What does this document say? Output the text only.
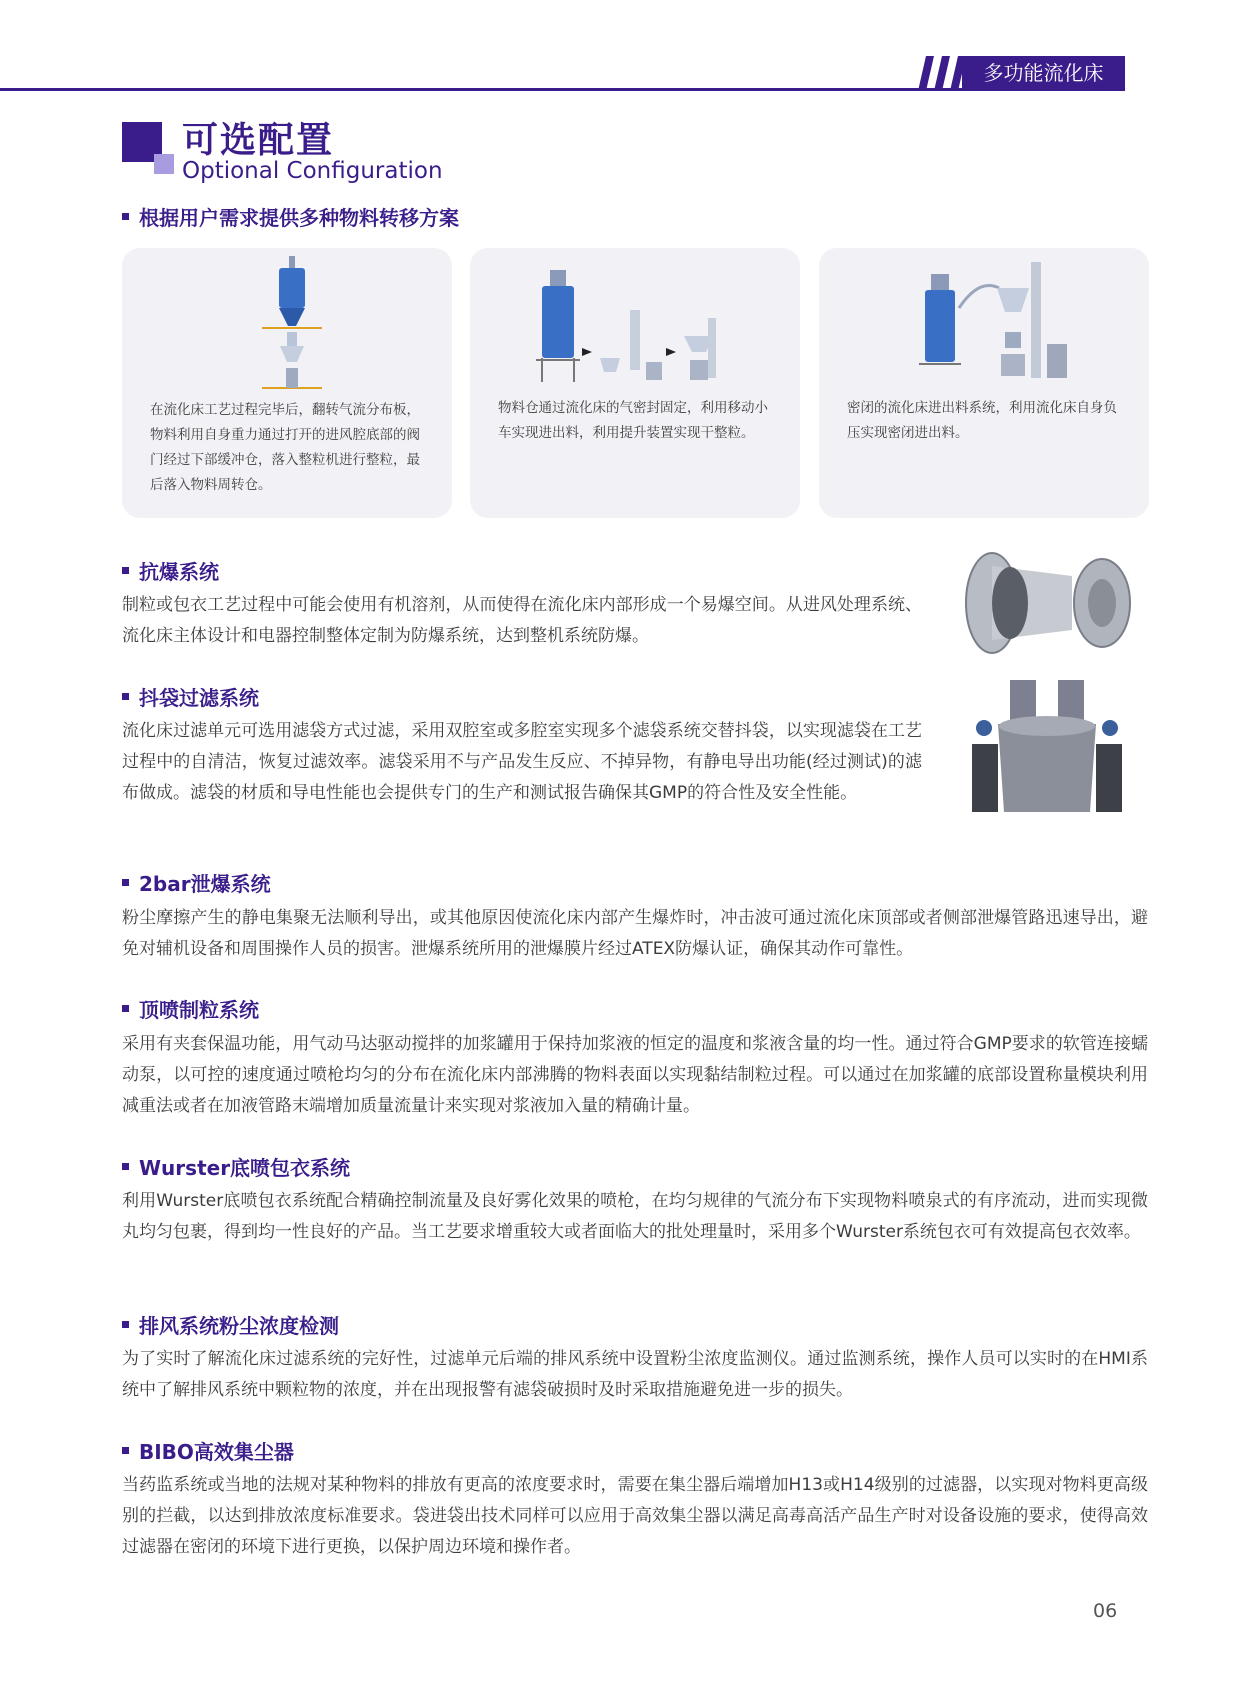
多功能流化床
可选配置
Optional Configuration
根据用户需求提供多种物料转移方案
在流化床工艺过程完毕后，翻转气流分布板，物料利用自身重力通过打开的进风腔底部的阀门经过下部缓冲仓，落入整粒机进行整粒，最后落入物料周转仓。
物料仓通过流化床的气密封固定，利用移动小车实现进出料，利用提升装置实现干整粒。
密闭的流化床进出料系统，利用流化床自身负压实现密闭进出料。
抗爆系统
制粒或包衣工艺过程中可能会使用有机溶剂，从而使得在流化床内部形成一个易爆空间。从进风处理系统、流化床主体设计和电器控制整体定制为防爆系统，达到整机系统防爆。
抖袋过滤系统
流化床过滤单元可选用滤袋方式过滤，采用双腔室或多腔室实现多个滤袋系统交替抖袋，以实现滤袋在工艺过程中的自清洁，恢复过滤效率。滤袋采用不与产品发生反应、不掉异物，有静电导出功能(经过测试)的滤布做成。滤袋的材质和导电性能也会提供专门的生产和测试报告确保其GMP的符合性及安全性能。
2bar泄爆系统
粉尘摩擦产生的静电集聚无法顺利导出，或其他原因使流化床内部产生爆炸时，冲击波可通过流化床顶部或者侧部泄爆管路迅速导出，避免对辅机设备和周围操作人员的损害。泄爆系统所用的泄爆膜片经过ATEX防爆认证，确保其动作可靠性。
顶喷制粒系统
采用有夹套保温功能，用气动马达驱动搅拌的加浆罐用于保持加浆液的恒定的温度和浆液含量的均一性。通过符合GMP要求的软管连接蠕动泵，以可控的速度通过喷枪均匀的分布在流化床内部沸腾的物料表面以实现黏结制粒过程。可以通过在加浆罐的底部设置称量模块利用减重法或者在加液管路末端增加质量流量计来实现对浆液加入量的精确计量。
Wurster底喷包衣系统
利用Wurster底喷包衣系统配合精确控制流量及良好雾化效果的喷枪，在均匀规律的气流分布下实现物料喷泉式的有序流动，进而实现微丸均匀包裹，得到均一性良好的产品。当工艺要求增重较大或者面临大的批处理量时，采用多个Wurster系统包衣可有效提高包衣效率。
排风系统粉尘浓度检测
为了实时了解流化床过滤系统的完好性，过滤单元后端的排风系统中设置粉尘浓度监测仪。通过监测系统，操作人员可以实时的在HMI系统中了解排风系统中颗粒物的浓度，并在出现报警有滤袋破损时及时采取措施避免进一步的损失。
BIBO高效集尘器
当药监系统或当地的法规对某种物料的排放有更高的浓度要求时，需要在集尘器后端增加H13或H14级别的过滤器，以实现对物料更高级别的拦截，以达到排放浓度标准要求。袋进袋出技术同样可以应用于高效集尘器以满足高毒高活产品生产时对设备设施的要求，使得高效过滤器在密闭的环境下进行更换，以保护周边环境和操作者。
06
